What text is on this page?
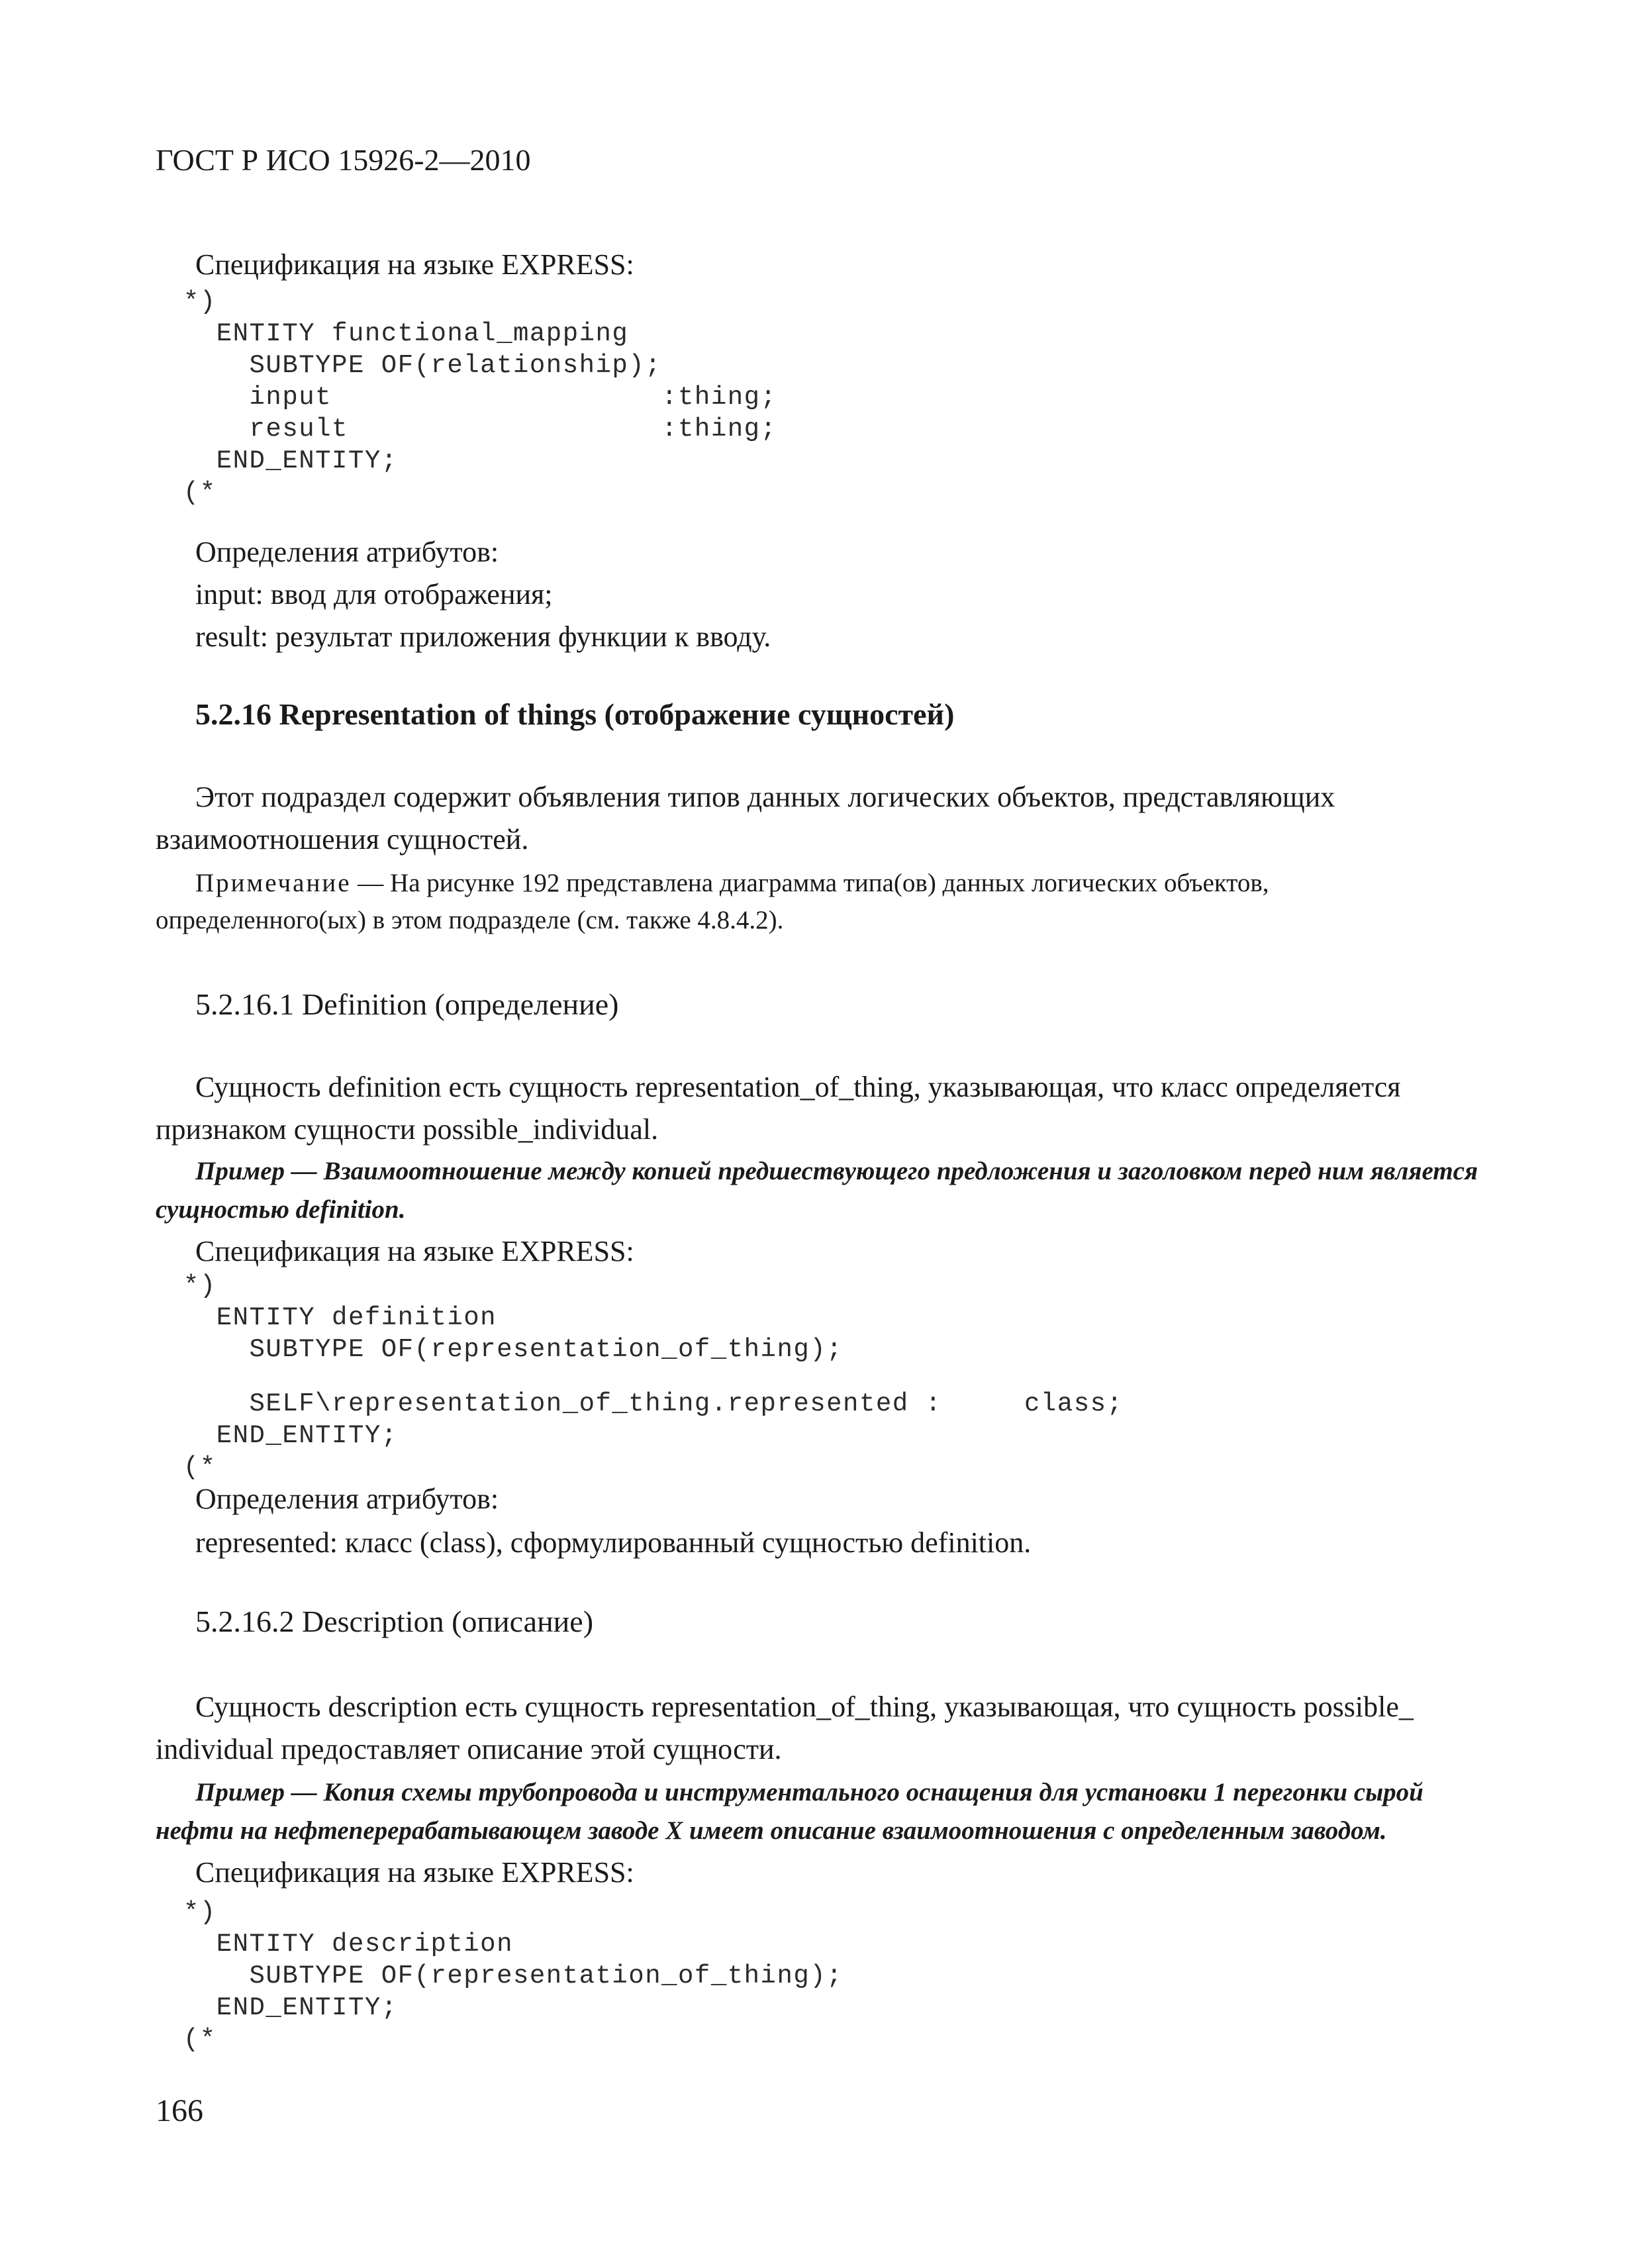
ГОСТ Р ИСО 15926-2—2010
Спецификация на языке EXPRESS:
*)
ENTITY functional_mapping
SUBTYPE OF(relationship);
input                    :thing;
result                   :thing;
END_ENTITY;
(*
Определения атрибутов:
input: ввод для отображения;
result: результат приложения функции к вводу.
5.2.16 Representation of things (отображение сущностей)
Этот подраздел содержит объявления типов данных логических объектов, представляющих
взаимоотношения сущностей.
Примечание — На рисунке 192 представлена диаграмма типа(ов) данных логических объектов,
определенного(ых) в этом подразделе (см. также 4.8.4.2).
5.2.16.1 Definition (определение)
Сущность definition есть сущность representation_of_thing, указывающая, что класс определяется
признаком сущности possible_individual.
Пример — Взаимоотношение между копией предшествующего предложения и заголовком перед ним является
сущностью definition.
Спецификация на языке EXPRESS:
*)
ENTITY definition
SUBTYPE OF(representation_of_thing);
SELF\representation_of_thing.represented :     class;
END_ENTITY;
(*
Определения атрибутов:
represented: класс (class), сформулированный сущностью definition.
5.2.16.2 Description (описание)
Сущность description есть сущность representation_of_thing, указывающая, что сущность possible_
individual предоставляет описание этой сущности.
Пример — Копия схемы трубопровода и инструментального оснащения для установки 1 перегонки сырой
нефти на нефтеперерабатывающем заводе X имеет описание взаимоотношения с определенным заводом.
Спецификация на языке EXPRESS:
*)
ENTITY description
SUBTYPE OF(representation_of_thing);
END_ENTITY;
(*
166
